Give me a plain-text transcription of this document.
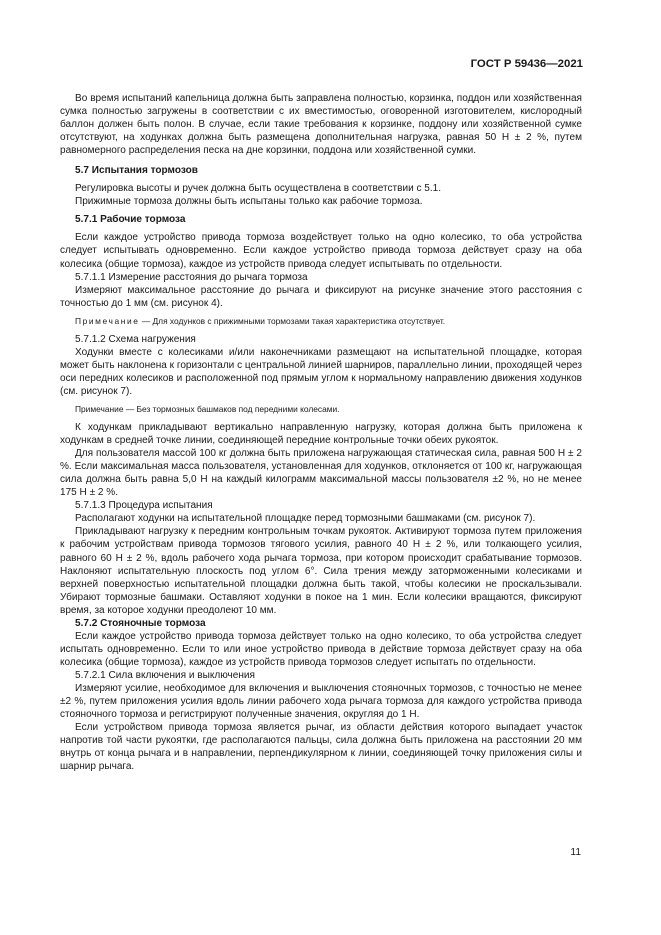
ГОСТ Р 59436—2021

Во время испытаний капельница должна быть заправлена полностью, корзинка, поддон или хозяйственная сумка полностью загружены в соответствии с их вместимостью, оговоренной изготовителем, кислородный баллон должен быть полон. В случае, если такие требования к корзинке, поддону или хозяйственной сумке отсутствуют, на ходунках должна быть размещена дополнительная нагрузка, равная 50 Н ± 2 %, путем равномерного распределения песка на дне корзинки, поддона или хозяйственной сумки.

5.7 Испытания тормозов

Регулировка высоты и ручек должна быть осуществлена в соответствии с 5.1.

Прижимные тормоза должны быть испытаны только как рабочие тормоза.

5.7.1 Рабочие тормоза

Если каждое устройство привода тормоза воздействует только на одно колесико, то оба устройства следует испытывать одновременно. Если каждое устройство привода тормоза действует сразу на оба колесика (общие тормоза), каждое из устройств привода следует испытывать по отдельности.

5.7.1.1 Измерение расстояния до рычага тормоза

Измеряют максимальное расстояние до рычага и фиксируют на рисунке значение этого расстояния с точностью до 1 мм (см. рисунок 4).

Примечание — Для ходунков с прижимными тормозами такая характеристика отсутствует.

5.7.1.2 Схема нагружения

Ходунки вместе с колесиками и/или наконечниками размещают на испытательной площадке, которая может быть наклонена к горизонтали с центральной линией шарниров, параллельно линии, проходящей через оси передних колесиков и расположенной под прямым углом к нормальному направлению движения ходунков (см. рисунок 7).

Примечание — Без тормозных башмаков под передними колесами.

К ходункам прикладывают вертикально направленную нагрузку, которая должна быть приложена к ходункам в средней точке линии, соединяющей передние контрольные точки обеих рукояток.

Для пользователя массой 100 кг должна быть приложена нагружающая статическая сила, равная 500 Н ± 2 %. Если максимальная масса пользователя, установленная для ходунков, отклоняется от 100 кг, нагружающая сила должна быть равна 5,0 Н на каждый килограмм максимальной массы пользователя ±2 %, но не менее 175 Н ± 2 %.

5.7.1.3 Процедура испытания

Располагают ходунки на испытательной площадке перед тормозными башмаками (см. рисунок 7).

Прикладывают нагрузку к передним контрольным точкам рукояток. Активируют тормоза путем приложения к рабочим устройствам привода тормозов тягового усилия, равного 40 Н ± 2 %, или толкающего усилия, равного 60 Н ± 2 %, вдоль рабочего хода рычага тормоза, при котором происходит срабатывание тормозов. Наклоняют испытательную плоскость под углом 6°. Сила трения между заторможенными колесиками и верхней поверхностью испытательной площадки должна быть такой, чтобы колесики не проскальзывали. Убирают тормозные башмаки. Оставляют ходунки в покое на 1 мин. Если колесики вращаются, фиксируют время, за которое ходунки преодолеют 10 мм.

5.7.2 Стояночные тормоза

Если каждое устройство привода тормоза действует только на одно колесико, то оба устройства следует испытать одновременно. Если то или иное устройство привода в действие тормоза действует сразу на оба колесика (общие тормоза), каждое из устройств привода тормозов следует испытать по отдельности.

5.7.2.1 Сила включения и выключения

Измеряют усилие, необходимое для включения и выключения стояночных тормозов, с точностью не менее ±2 %, путем приложения усилия вдоль линии рабочего хода рычага тормоза для каждого устройства привода стояночного тормоза и регистрируют полученные значения, округляя до 1 Н.

Если устройством привода тормоза является рычаг, из области действия которого выпадает участок напротив той части рукоятки, где располагаются пальцы, сила должна быть приложена на расстоянии 20 мм внутрь от конца рычага и в направлении, перпендикулярном к линии, соединяющей точку приложения силы и шарнир рычага.

11
